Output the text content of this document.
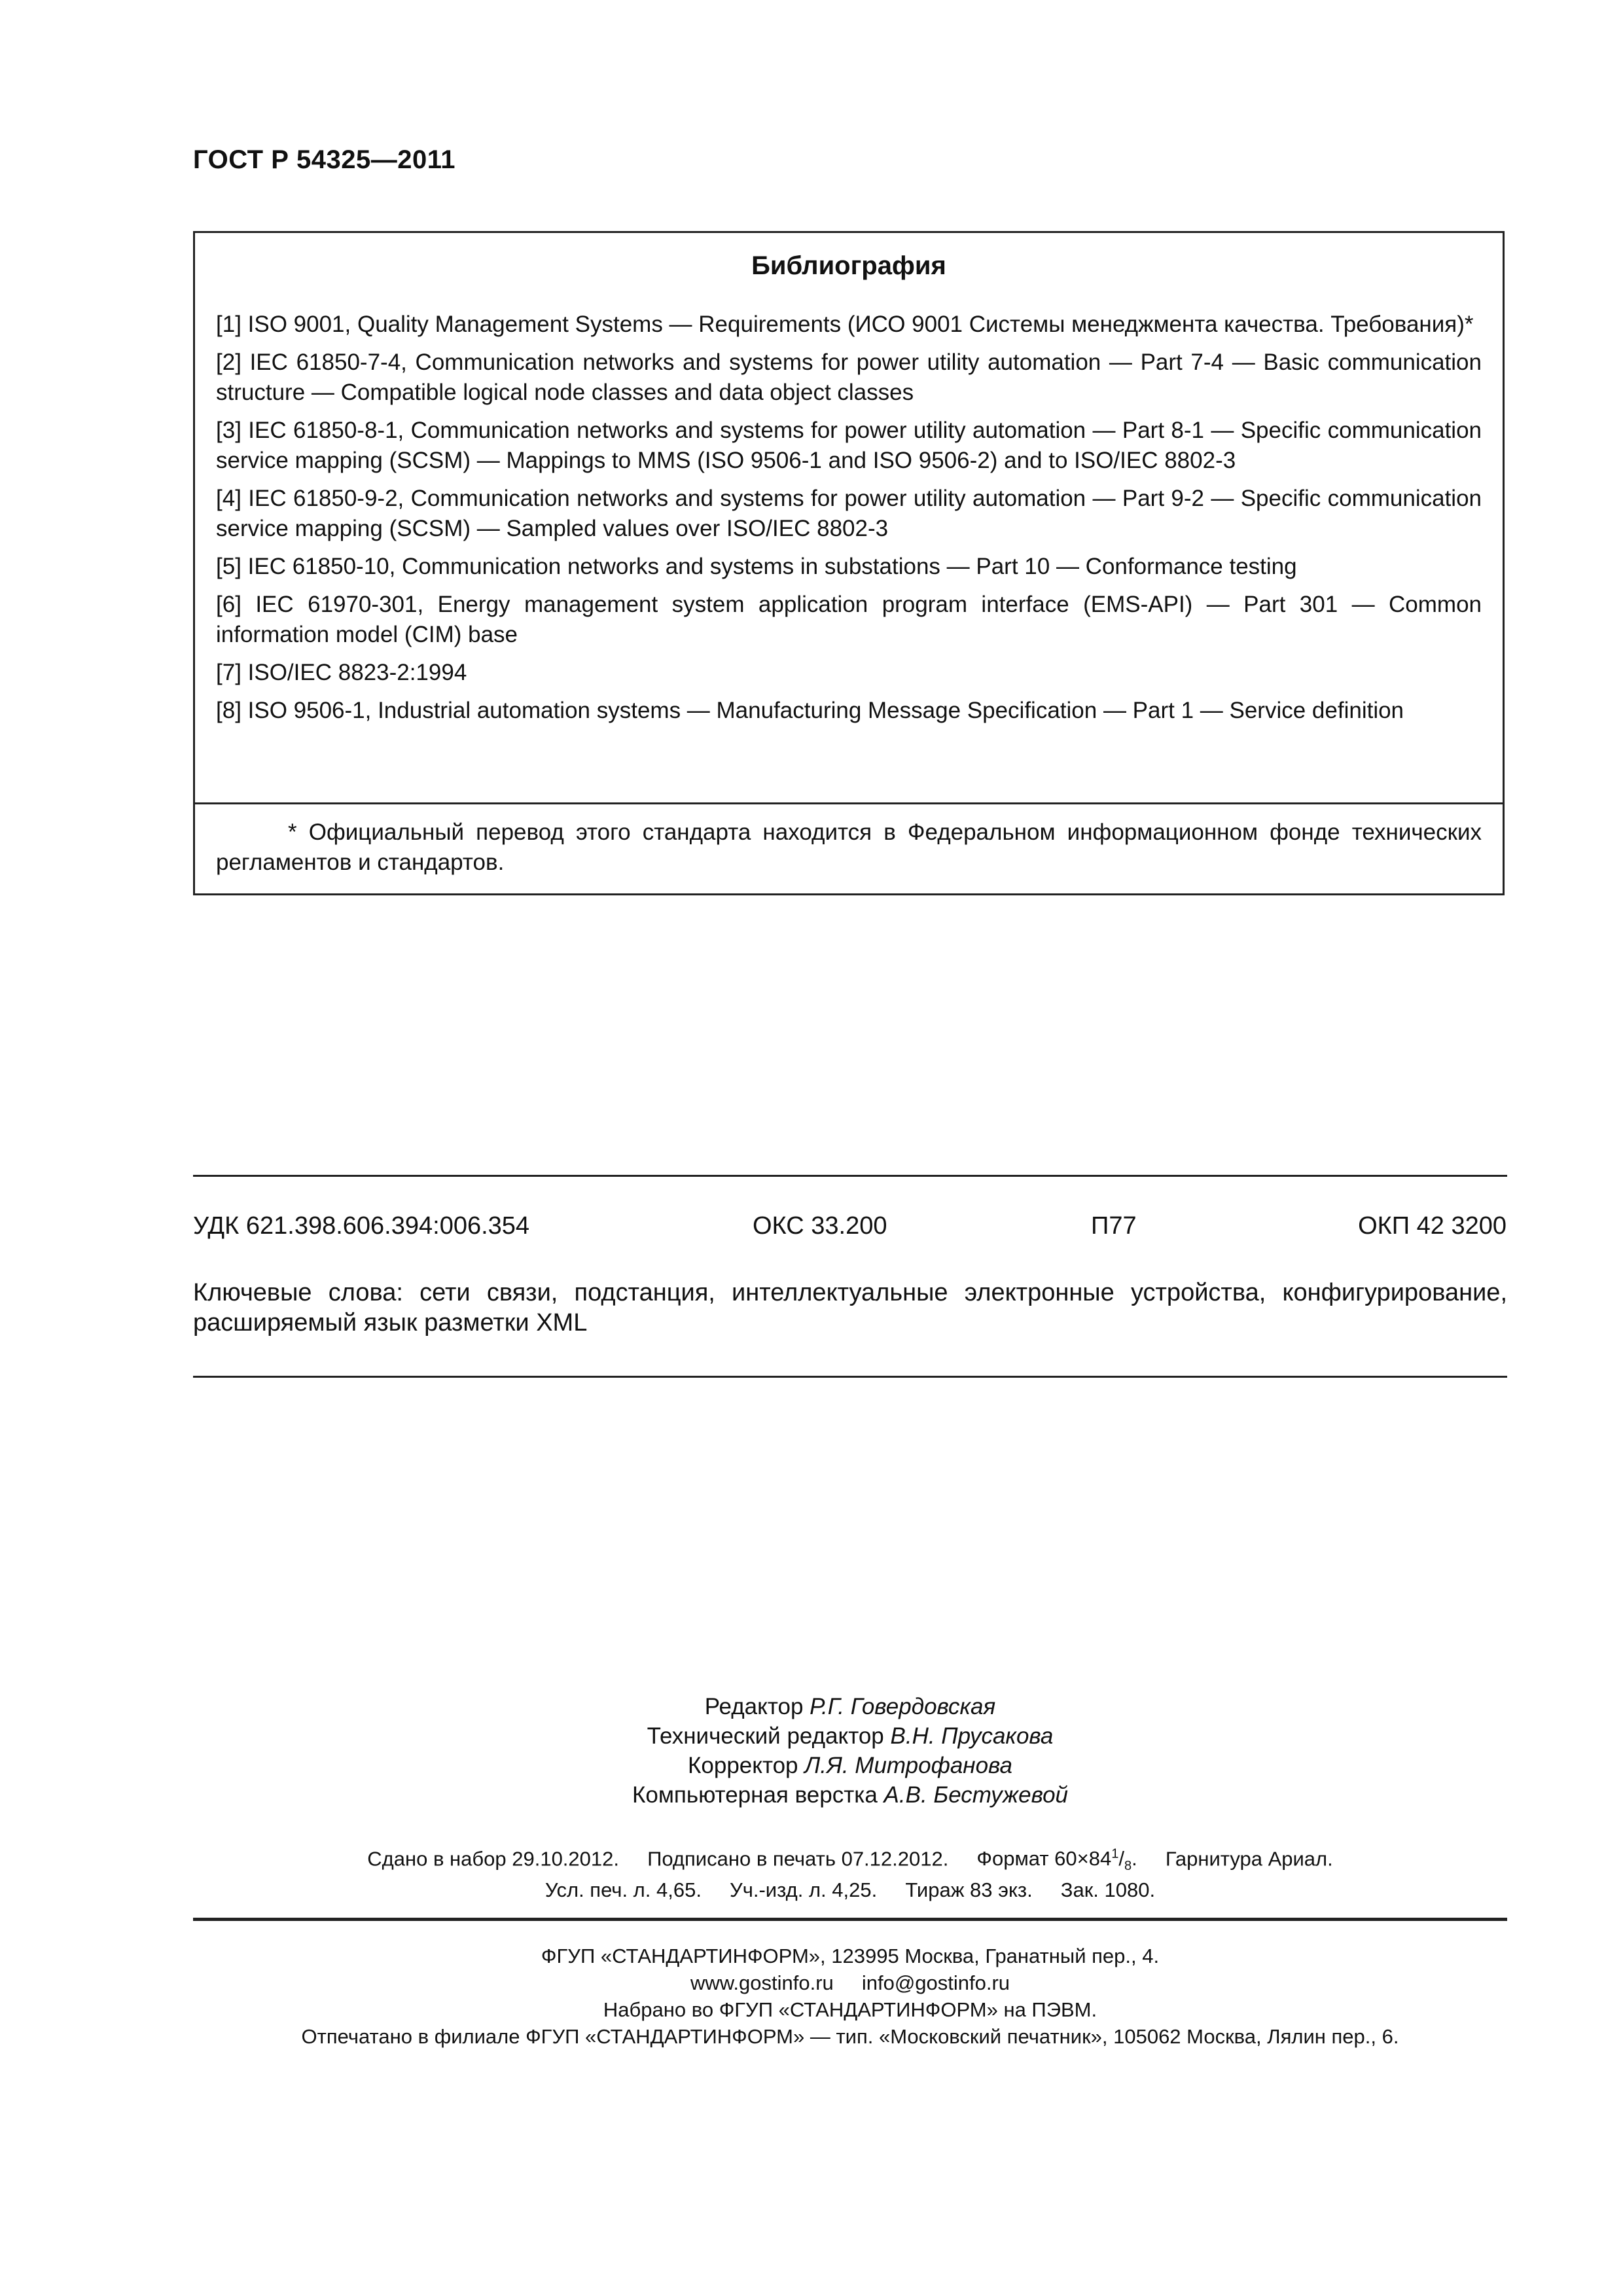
ГОСТ Р 54325—2011
Библиография
[1] ISO 9001, Quality Management Systems — Requirements (ИСО 9001 Системы менеджмента качества. Требования)*
[2] IEC 61850-7-4, Communication networks and systems for power utility automation — Part 7-4 — Basic communication structure — Compatible logical node classes and data object classes
[3] IEC 61850-8-1, Communication networks and systems for power utility automation — Part 8-1 — Specific communication service mapping (SCSM) — Mappings to MMS (ISO 9506-1 and ISO 9506-2) and to ISO/IEC 8802-3
[4] IEC 61850-9-2, Communication networks and systems for power utility automation — Part 9-2 — Specific communication service mapping (SCSM) — Sampled values over ISO/IEC 8802-3
[5] IEC 61850-10, Communication networks and systems in substations — Part 10 — Conformance testing
[6] IEC 61970-301, Energy management system application program interface (EMS-API) — Part 301 — Common information model (CIM) base
[7] ISO/IEC 8823-2:1994
[8] ISO 9506-1, Industrial automation systems — Manufacturing Message Specification — Part 1 — Service definition
* Официальный перевод этого стандарта находится в Федеральном информационном фонде технических регламентов и стандартов.
УДК 621.398.606.394:006.354	ОКС 33.200	П77	ОКП 42 3200
Ключевые слова: сети связи, подстанция, интеллектуальные электронные устройства, конфигурирование, расширяемый язык разметки XML
Редактор Р.Г. Говердовская
Технический редактор В.Н. Прусакова
Корректор Л.Я. Митрофанова
Компьютерная верстка А.В. Бестужевой
Сдано в набор 29.10.2012. Подписано в печать 07.12.2012. Формат $60\times 84^1/_8$. Гарнитура Ариал.
Усл. печ. л. 4,65. Уч.-изд. л. 4,25. Тираж 83 экз. Зак. 1080.
ФГУП «СТАНДАРТИНФОРМ», 123995 Москва, Гранатный пер., 4.
www.gostinfo.ru info@gostinfo.ru
Набрано во ФГУП «СТАНДАРТИНФОРМ» на ПЭВМ.
Отпечатано в филиале ФГУП «СТАНДАРТИНФОРМ» — тип. «Московский печатник», 105062 Москва, Лялин пер., 6.
